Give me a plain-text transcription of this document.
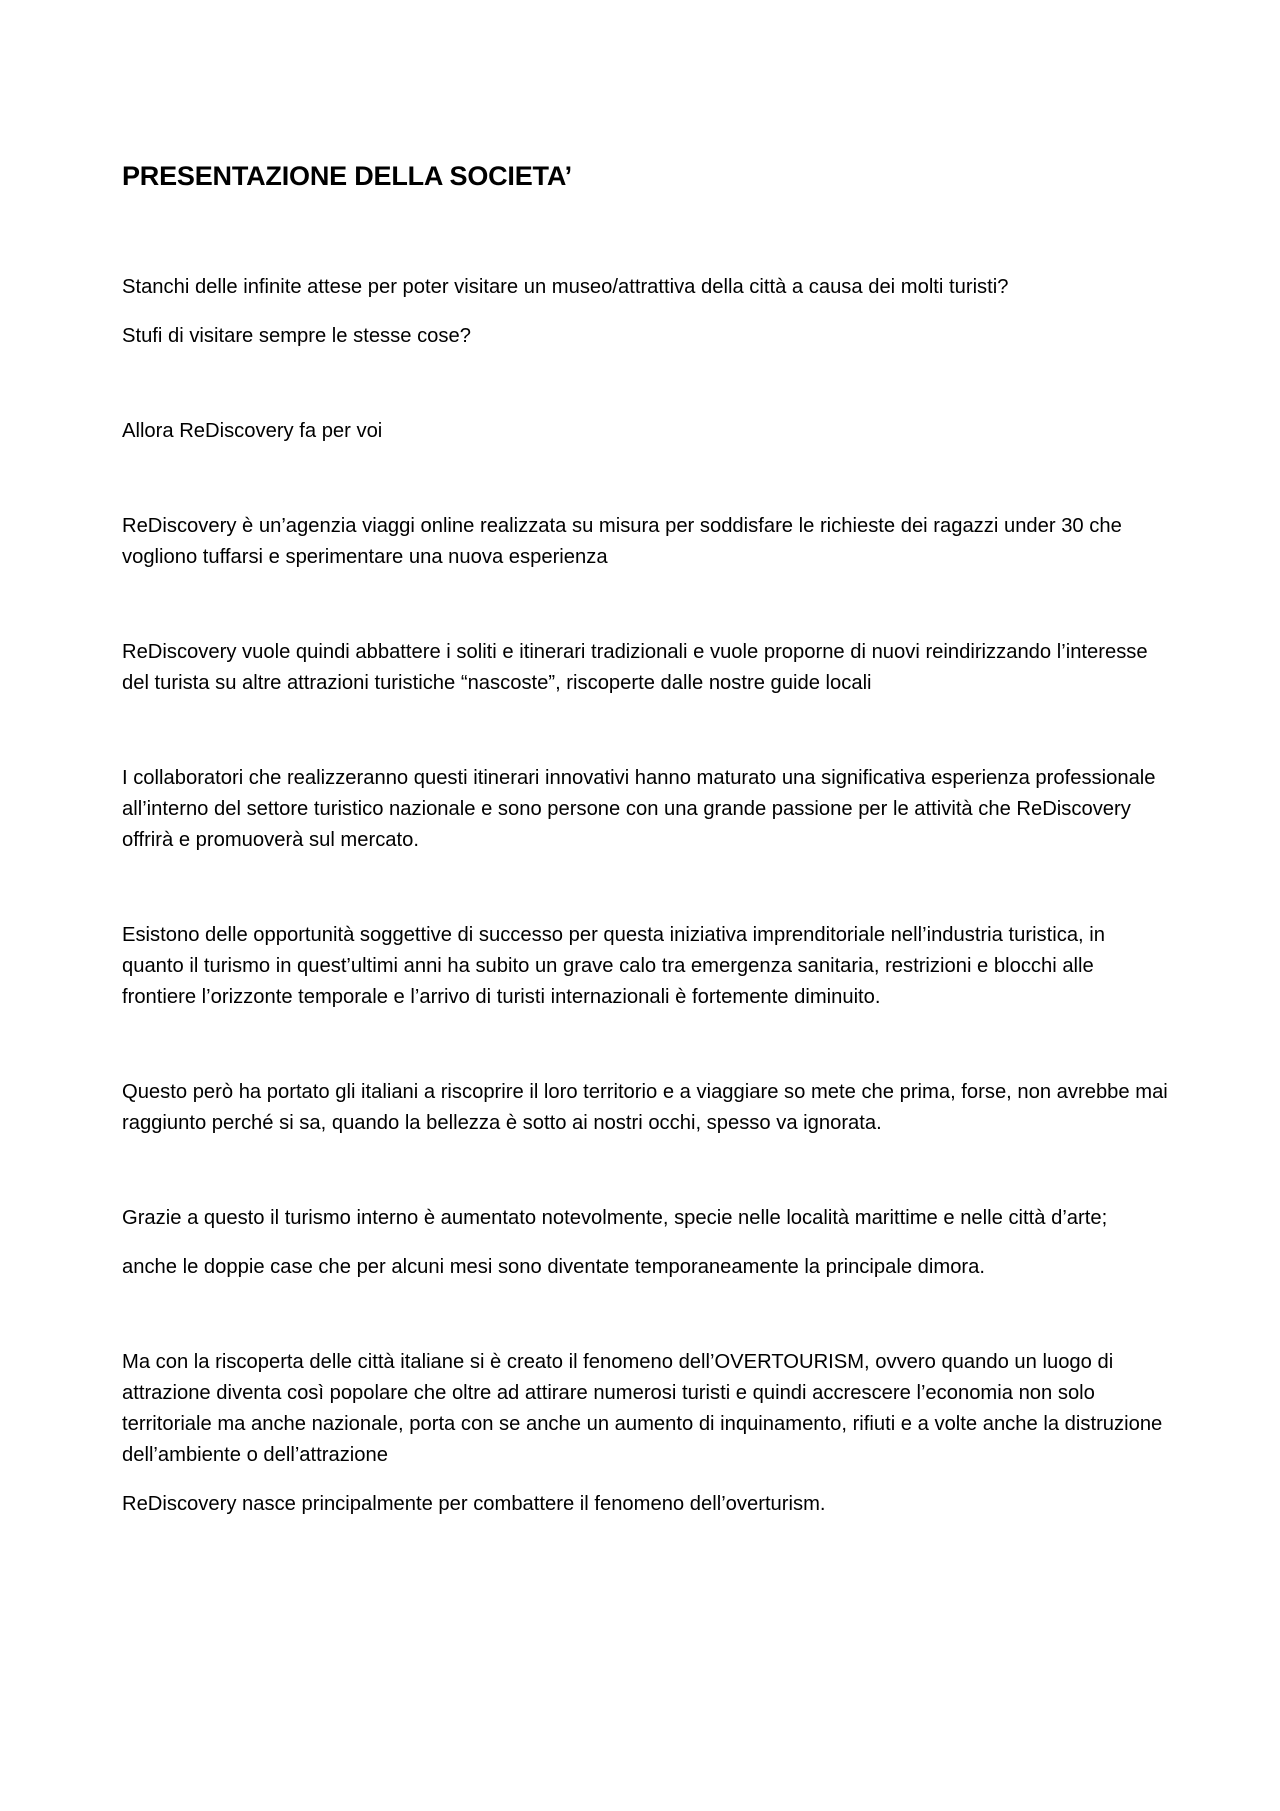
PRESENTAZIONE DELLA SOCIETA’

Stanchi delle infinite attese per poter visitare un museo/attrattiva della città a causa dei molti turisti?

Stufi di visitare sempre le stesse cose?

Allora ReDiscovery fa per voi

ReDiscovery è un’agenzia viaggi online realizzata su misura per soddisfare le richieste dei ragazzi under 30 che vogliono tuffarsi e sperimentare una nuova esperienza

ReDiscovery vuole quindi abbattere i soliti e itinerari tradizionali e vuole proporne di nuovi reindirizzando l’interesse del turista su altre attrazioni turistiche “nascoste”, riscoperte dalle nostre guide locali

I collaboratori che realizzeranno questi itinerari innovativi hanno maturato una significativa esperienza professionale all’interno del settore turistico nazionale e sono persone con una grande passione per le attività che ReDiscovery offrirà e promuoverà sul mercato.

Esistono delle opportunità soggettive di successo per questa iniziativa imprenditoriale nell’industria turistica, in quanto il turismo in quest’ultimi anni ha subito un grave calo tra emergenza sanitaria, restrizioni e blocchi alle frontiere l’orizzonte temporale e l’arrivo di turisti internazionali è fortemente diminuito.

Questo però ha portato gli italiani a riscoprire il loro territorio e a viaggiare so mete che prima, forse, non avrebbe mai raggiunto perché si sa, quando la bellezza è sotto ai nostri occhi, spesso va ignorata.

Grazie a questo il turismo interno è aumentato notevolmente, specie nelle località marittime e nelle città d’arte;

anche le doppie case che per alcuni mesi sono diventate temporaneamente la principale dimora.

Ma con la riscoperta delle città italiane si è creato il fenomeno dell’OVERTOURISM, ovvero quando un luogo di attrazione diventa così popolare che oltre ad attirare numerosi turisti e quindi accrescere l’economia non solo territoriale ma anche nazionale, porta con se anche un aumento di inquinamento, rifiuti e a volte anche la distruzione dell’ambiente o dell’attrazione

ReDiscovery nasce principalmente per combattere il fenomeno dell’overturism.
